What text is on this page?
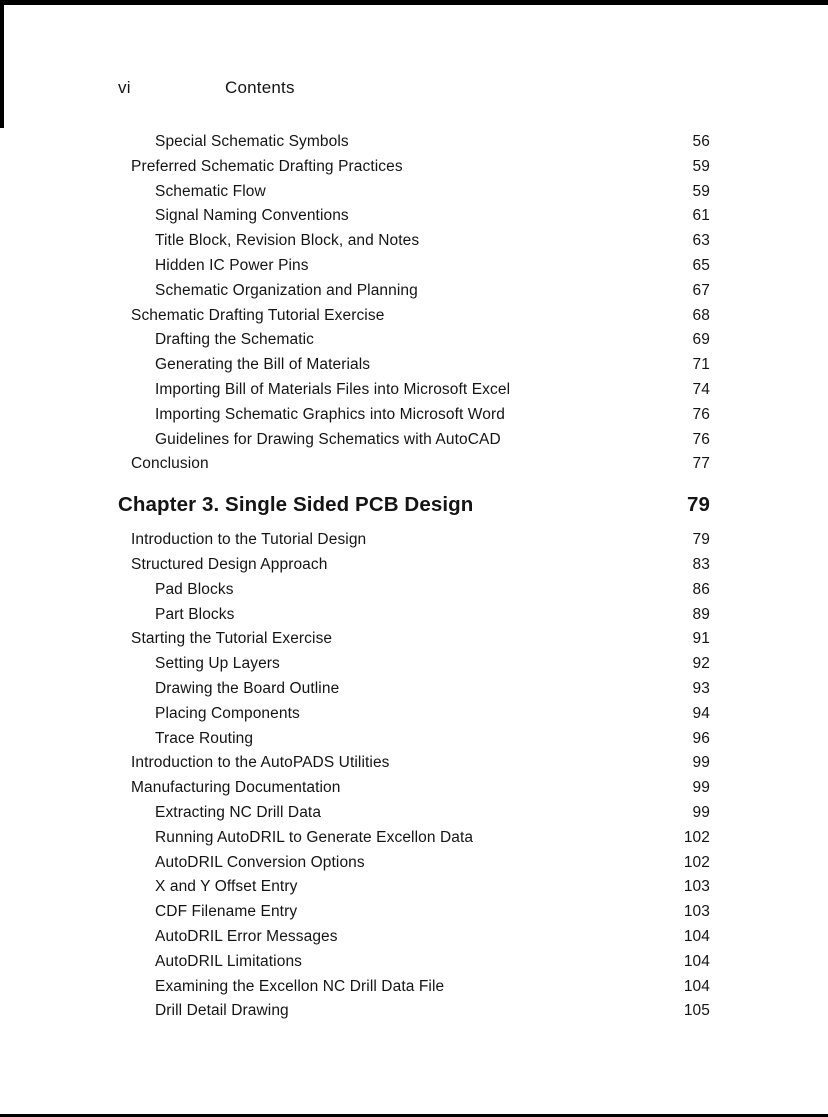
vi	Contents
Special Schematic Symbols	56
Preferred Schematic Drafting Practices	59
Schematic Flow	59
Signal Naming Conventions	61
Title Block, Revision Block, and Notes	63
Hidden IC Power Pins	65
Schematic Organization and Planning	67
Schematic Drafting Tutorial Exercise	68
Drafting the Schematic	69
Generating the Bill of Materials	71
Importing Bill of Materials Files into Microsoft Excel	74
Importing Schematic Graphics into Microsoft Word	76
Guidelines for Drawing Schematics with AutoCAD	76
Conclusion	77
Chapter 3. Single Sided PCB Design	79
Introduction to the Tutorial Design	79
Structured Design Approach	83
Pad Blocks	86
Part Blocks	89
Starting the Tutorial Exercise	91
Setting Up Layers	92
Drawing the Board Outline	93
Placing Components	94
Trace Routing	96
Introduction to the AutoPADS Utilities	99
Manufacturing Documentation	99
Extracting NC Drill Data	99
Running AutoDRIL to Generate Excellon Data	102
AutoDRIL Conversion Options	102
X and Y Offset Entry	103
CDF Filename Entry	103
AutoDRIL Error Messages	104
AutoDRIL Limitations	104
Examining the Excellon NC Drill Data File	104
Drill Detail Drawing	105
